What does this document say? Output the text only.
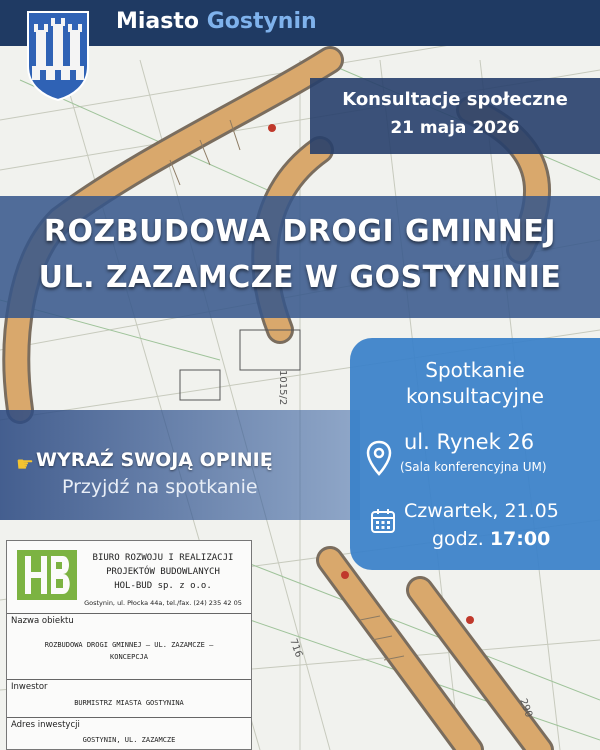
716
290
1015/2
Miasto Gostynin
Konsultacje społeczne
21 maja 2026
ROZBUDOWA DROGI GMINNEJ
UL. ZAZAMCZE W GOSTYNINIE
☛ WYRAŹ SWOJĄ OPINIĘ
Przyjdź na spotkanie
Spotkanie
konsultacyjne
ul. Rynek 26
(Sala konferencyjna UM)
Czwartek, 21.05
godz. 17:00
BIURO ROZWOJU I REALIZACJI
PROJEKTÓW BUDOWLANYCH
HOL-BUD sp. z o.o.
Gostynin, ul. Płocka 44a, tel./fax. (24) 235 42 05
Nazwa obiektu
ROZBUDOWA DROGI GMINNEJ – UL. ZAZAMCZE –
KONCEPCJA
Inwestor
BURMISTRZ MIASTA GOSTYNINA
Adres inwestycji
GOSTYNIN, UL. ZAZAMCZE
